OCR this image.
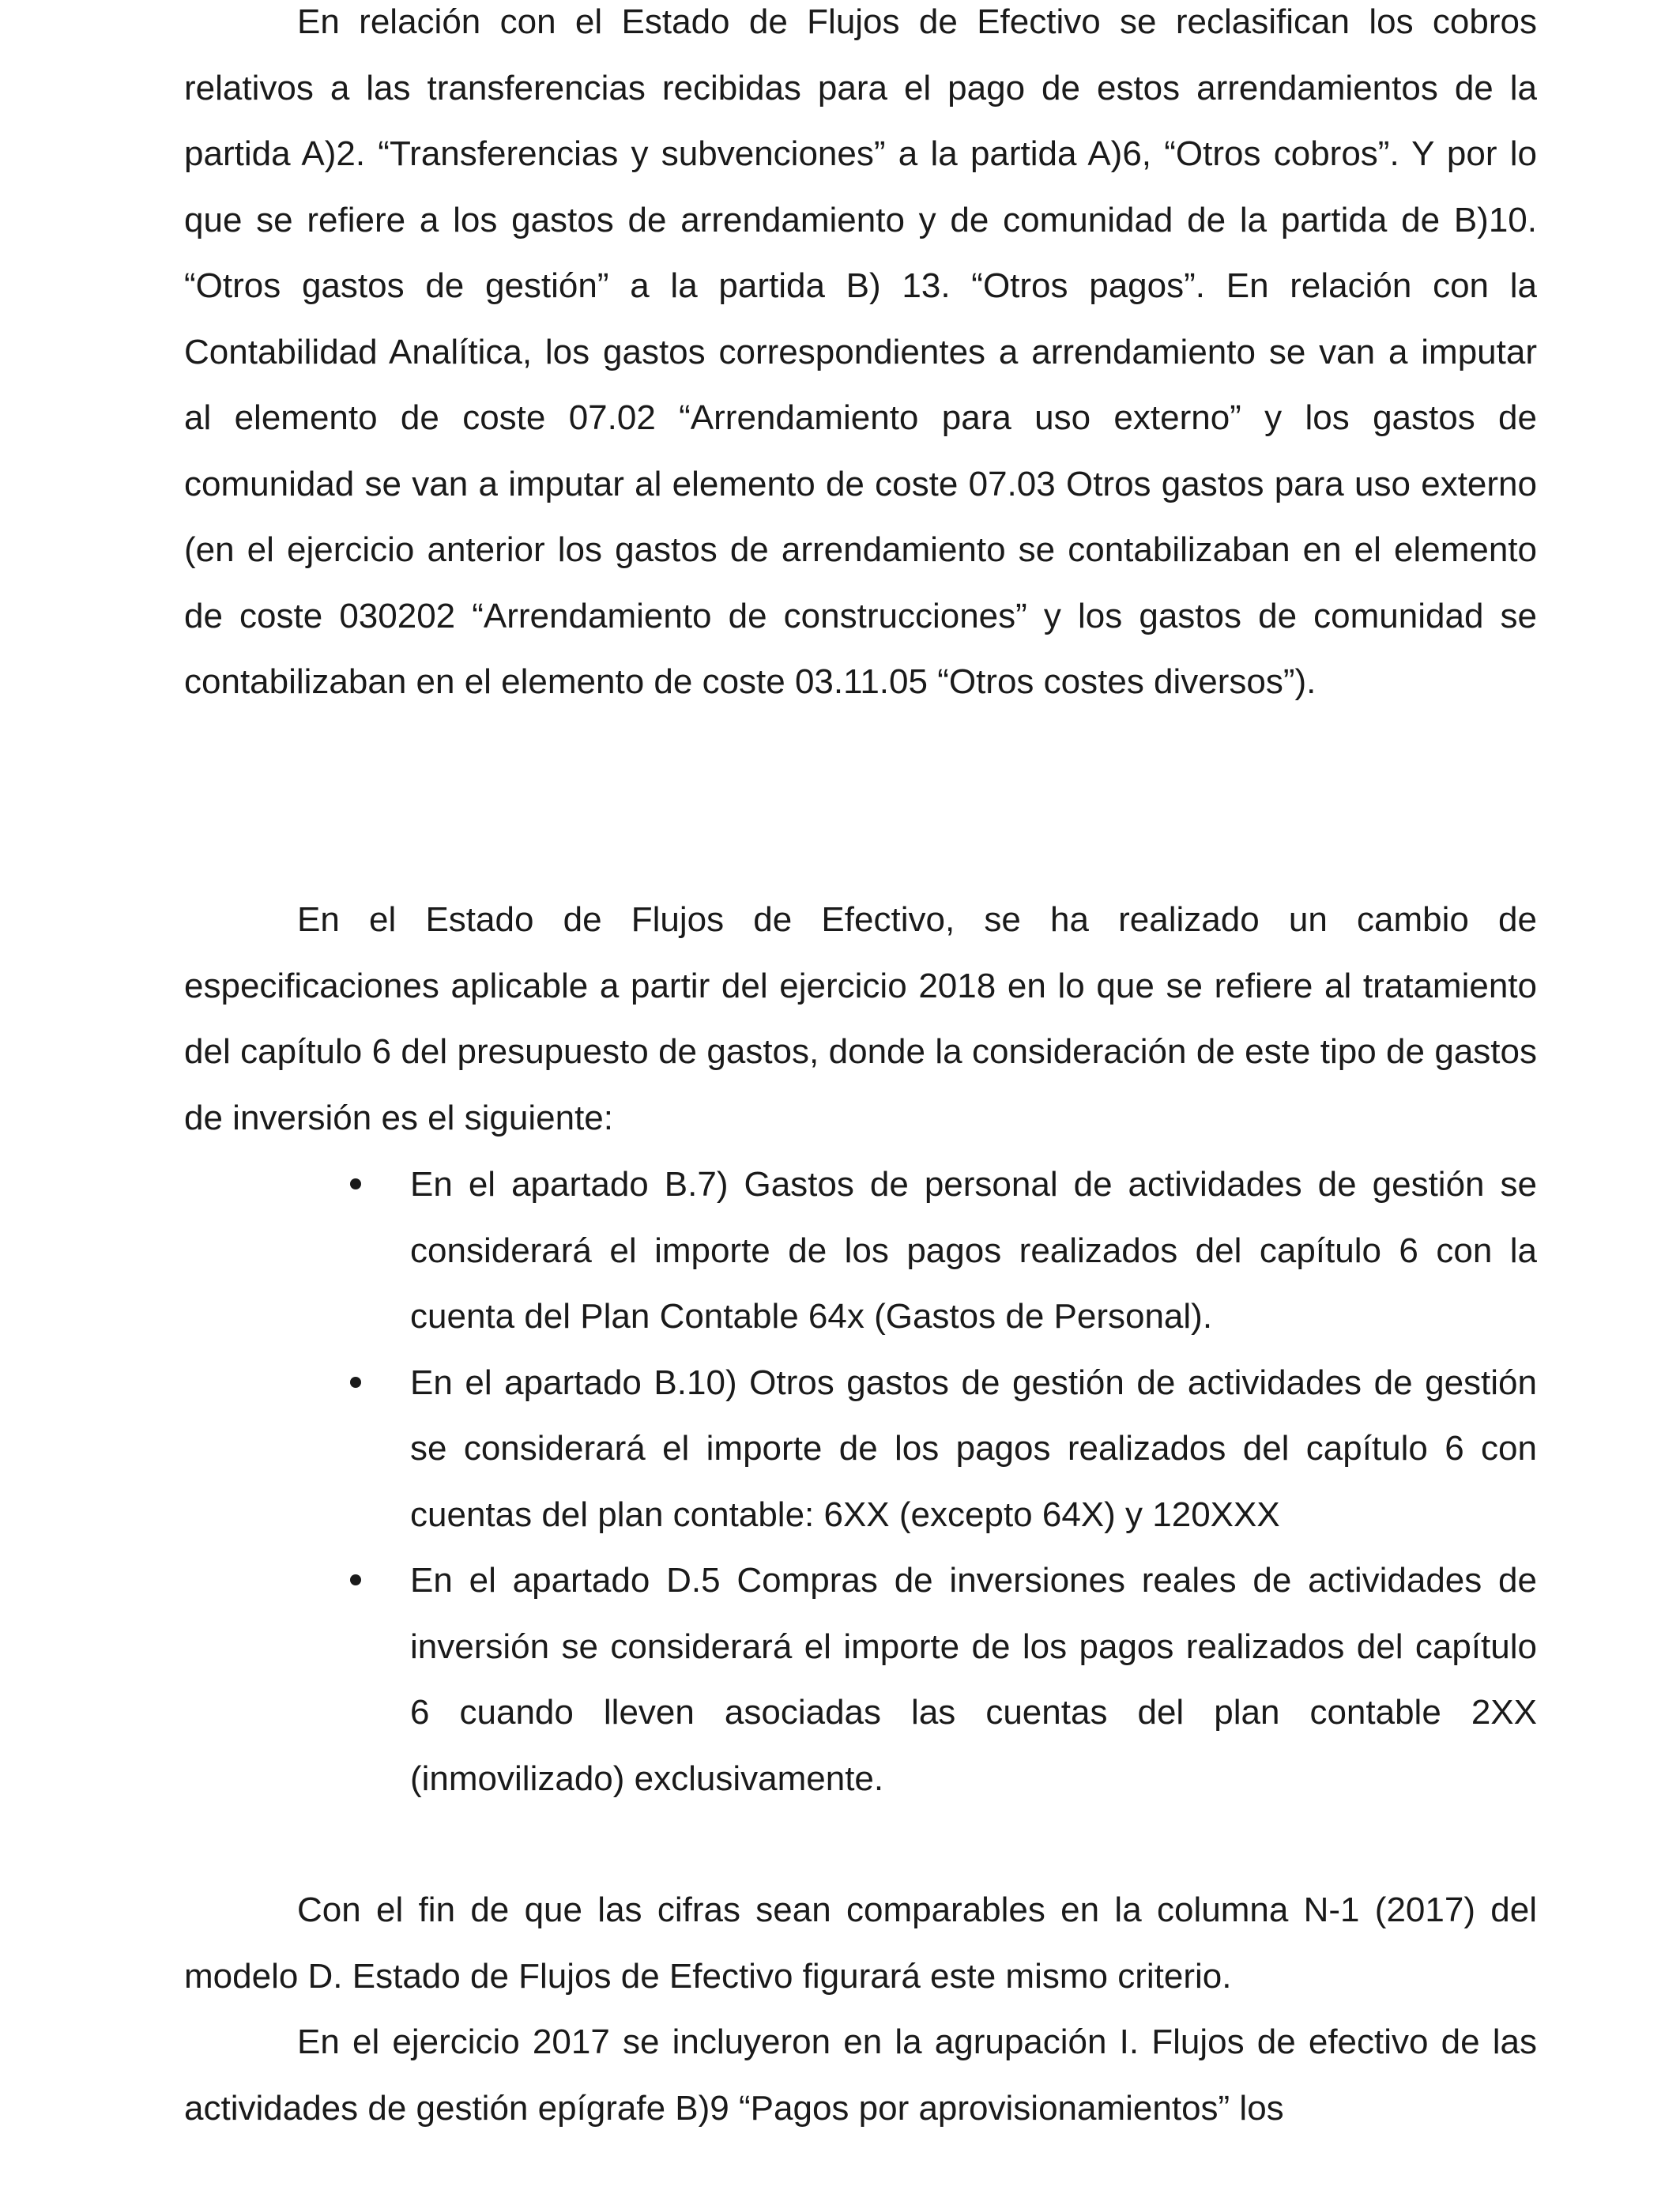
En relación con el Estado de Flujos de Efectivo se reclasifican los cobros relativos a las transferencias recibidas para el pago de estos arrendamientos de la partida A)2. “Transferencias y subvenciones” a la partida A)6, “Otros cobros”. Y por lo que se refiere a los gastos de arrendamiento y de comunidad de la partida de B)10. “Otros gastos de gestión” a la partida B) 13. “Otros pagos”. En relación con la Contabilidad Analítica, los gastos correspondientes a arrendamiento se van a imputar al elemento de coste 07.02 “Arrendamiento para uso externo” y los gastos de comunidad se van a imputar al elemento de coste 07.03 Otros gastos para uso externo (en el ejercicio anterior los gastos de arrendamiento se contabilizaban en el elemento de coste 030202 “Arrendamiento de construcciones” y los gastos de comunidad se contabilizaban en el elemento de coste 03.11.05 “Otros costes diversos”).

En el Estado de Flujos de Efectivo, se ha realizado un cambio de especificaciones aplicable a partir del ejercicio 2018 en lo que se refiere al tratamiento del capítulo 6 del presupuesto de gastos, donde la consideración de este tipo de gastos de inversión es el siguiente:

En el apartado B.7) Gastos de personal de actividades de gestión se considerará el importe de los pagos realizados del capítulo 6 con la cuenta del Plan Contable 64x (Gastos de Personal).
En el apartado B.10) Otros gastos de gestión de actividades de gestión se considerará el importe de los pagos realizados del capítulo 6 con cuentas del plan contable: 6XX (excepto 64X) y 120XXX
En el apartado D.5 Compras de inversiones reales de actividades de inversión se considerará el importe de los pagos realizados del capítulo 6 cuando lleven asociadas las cuentas del plan contable 2XX (inmovilizado) exclusivamente.

Con el fin de que las cifras sean comparables en la columna N-1 (2017) del modelo D. Estado de Flujos de Efectivo figurará este mismo criterio.

En el ejercicio 2017 se incluyeron en la agrupación I. Flujos de efectivo de las actividades de gestión epígrafe B)9 “Pagos por aprovisionamientos” los
